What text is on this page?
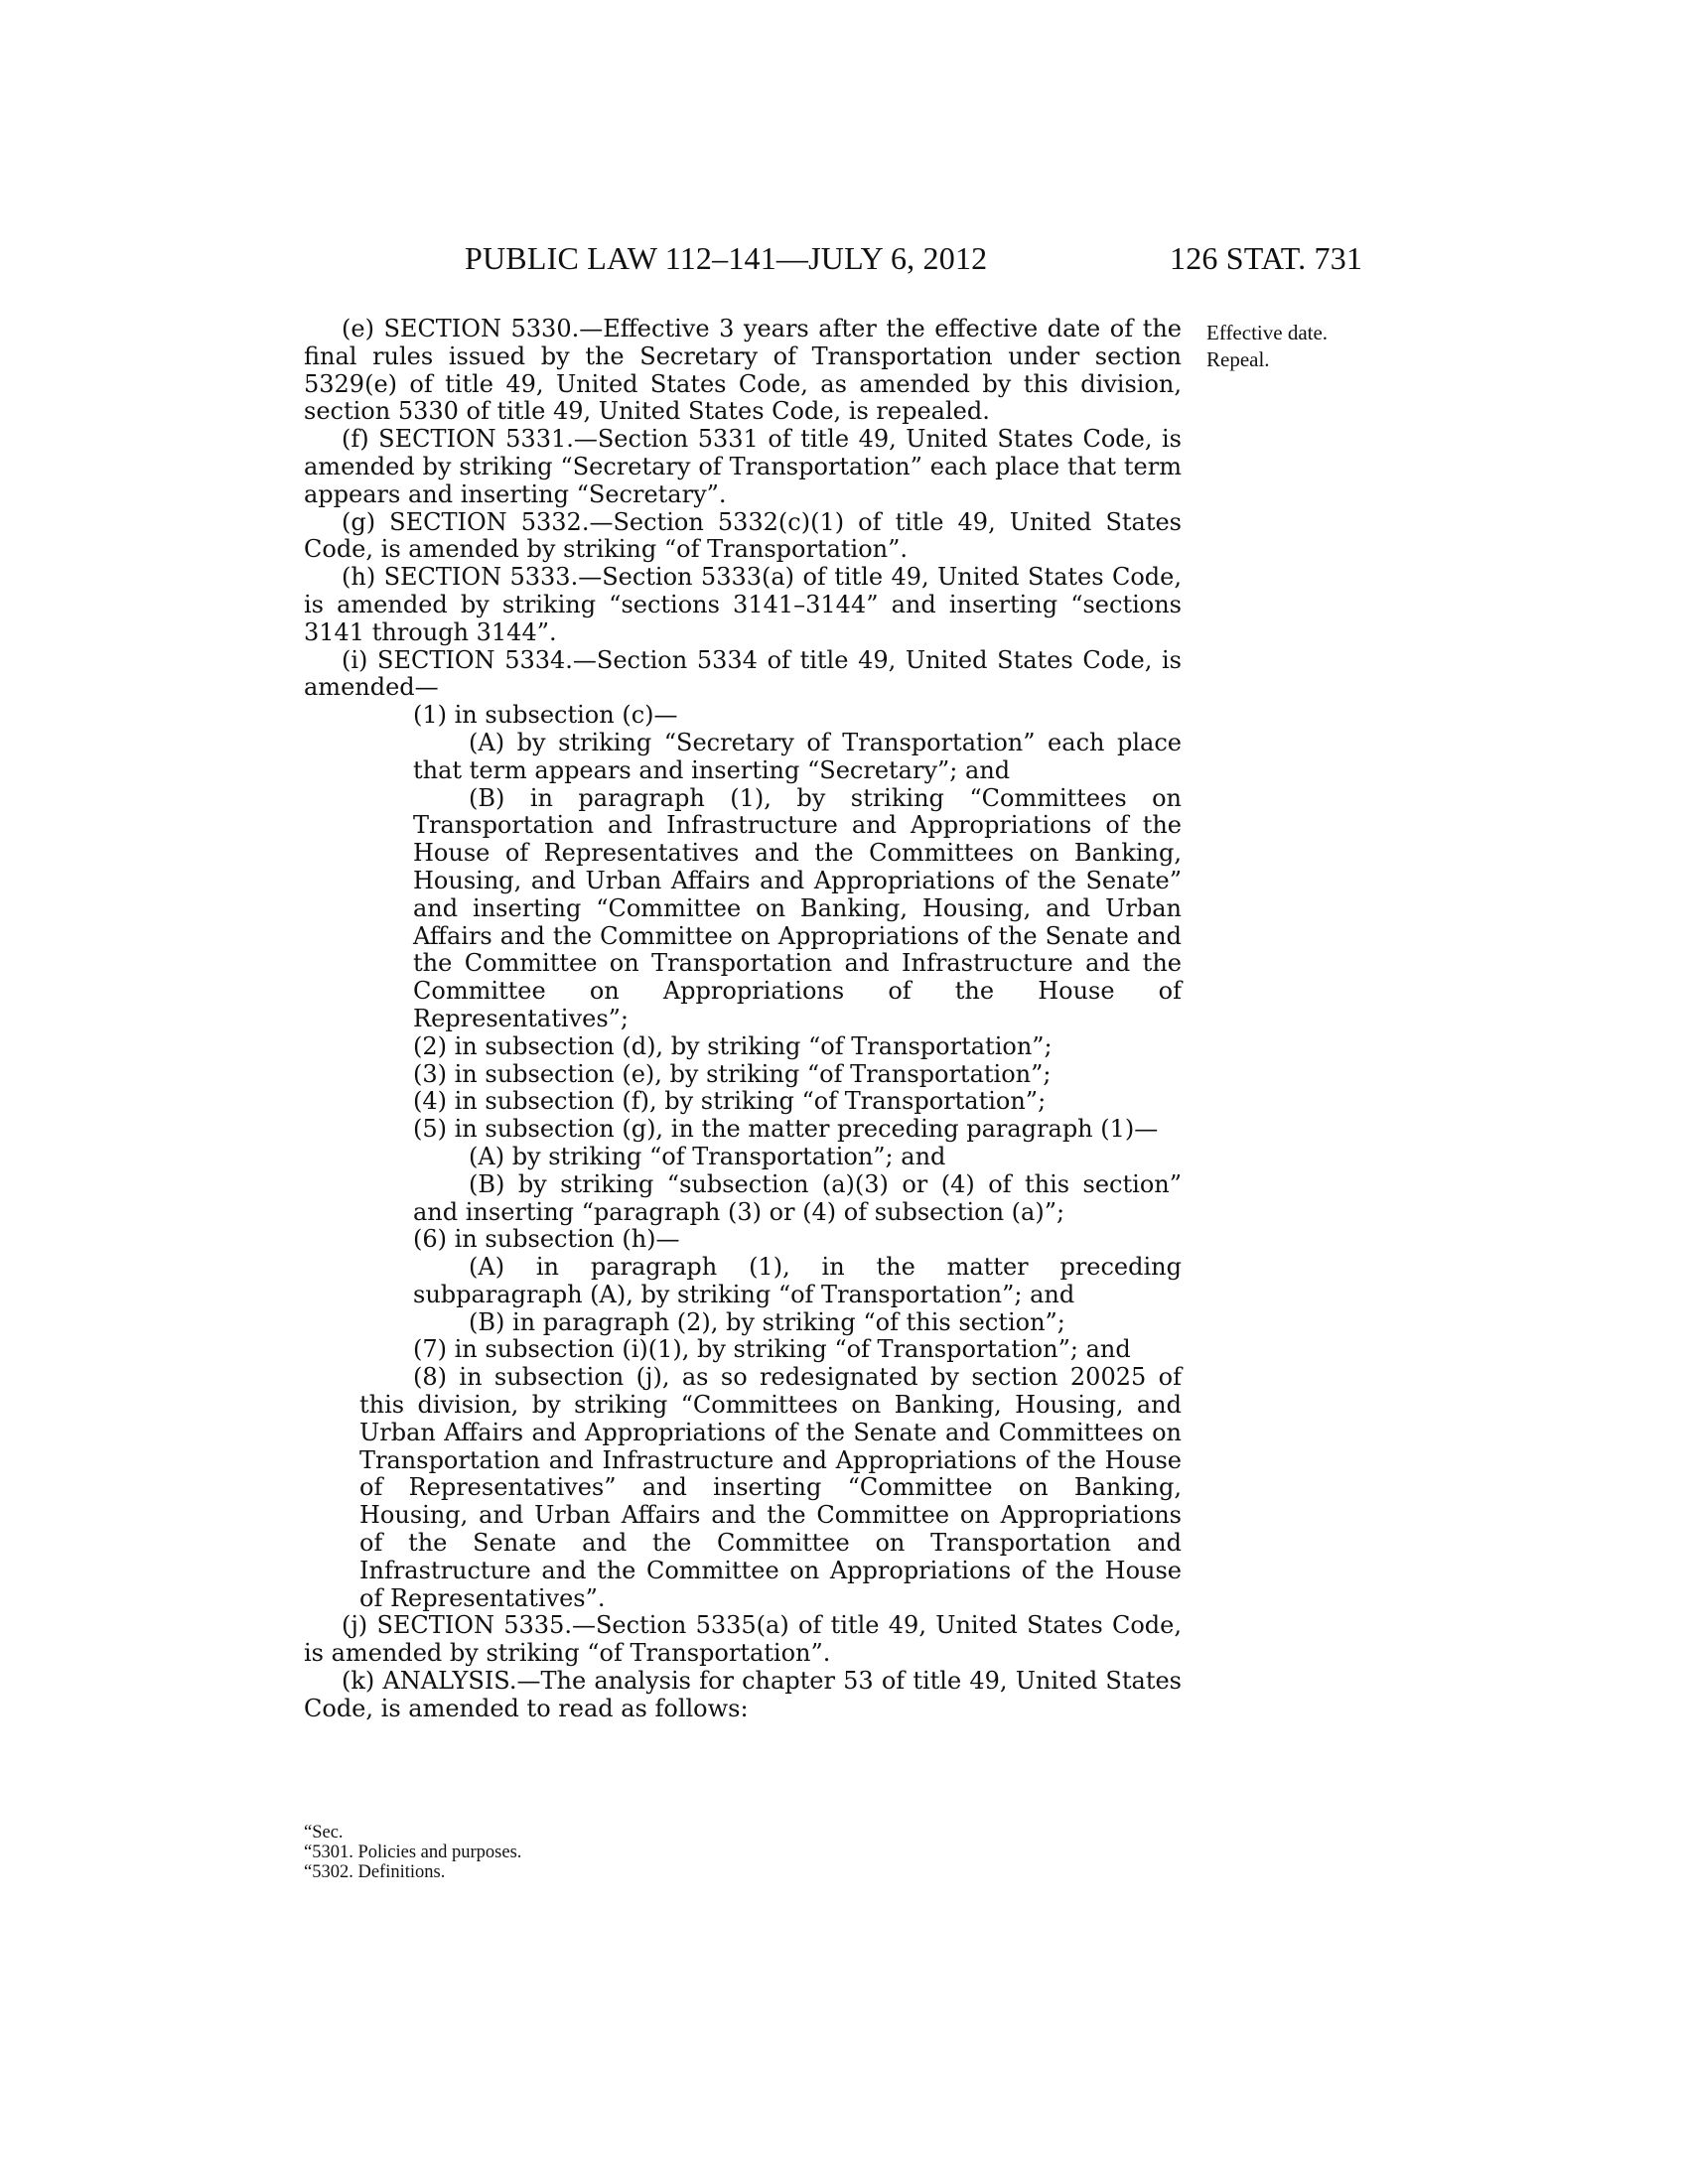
PUBLIC LAW 112–141—JULY 6, 2012	126 STAT. 731
Effective date.
Repeal.

(e) SECTION 5330.—Effective 3 years after the effective date of the final rules issued by the Secretary of Transportation under section 5329(e) of title 49, United States Code, as amended by this division, section 5330 of title 49, United States Code, is repealed.

(f) SECTION 5331.—Section 5331 of title 49, United States Code, is amended by striking “Secretary of Transportation” each place that term appears and inserting “Secretary”.

(g) SECTION 5332.—Section 5332(c)(1) of title 49, United States Code, is amended by striking “of Transportation”.

(h) SECTION 5333.—Section 5333(a) of title 49, United States Code, is amended by striking “sections 3141–3144” and inserting “sections 3141 through 3144”.

(i) SECTION 5334.—Section 5334 of title 49, United States Code, is amended—

(1) in subsection (c)—

(A) by striking “Secretary of Transportation” each place that term appears and inserting “Secretary”; and

(B) in paragraph (1), by striking “Committees on Transportation and Infrastructure and Appropriations of the House of Representatives and the Committees on Banking, Housing, and Urban Affairs and Appropriations of the Senate” and inserting “Committee on Banking, Housing, and Urban Affairs and the Committee on Appropriations of the Senate and the Committee on Transportation and Infrastructure and the Committee on Appropriations of the House of Representatives”;

(2) in subsection (d), by striking “of Transportation”;

(3) in subsection (e), by striking “of Transportation”;

(4) in subsection (f), by striking “of Transportation”;

(5) in subsection (g), in the matter preceding paragraph (1)—

(A) by striking “of Transportation”; and

(B) by striking “subsection (a)(3) or (4) of this section” and inserting “paragraph (3) or (4) of subsection (a)”;

(6) in subsection (h)—

(A) in paragraph (1), in the matter preceding subparagraph (A), by striking “of Transportation”; and

(B) in paragraph (2), by striking “of this section”;

(7) in subsection (i)(1), by striking “of Transportation”; and

(8) in subsection (j), as so redesignated by section 20025 of this division, by striking “Committees on Banking, Housing, and Urban Affairs and Appropriations of the Senate and Committees on Transportation and Infrastructure and Appropriations of the House of Representatives” and inserting “Committee on Banking, Housing, and Urban Affairs and the Committee on Appropriations of the Senate and the Committee on Transportation and Infrastructure and the Committee on Appropriations of the House of Representatives”.

(j) SECTION 5335.—Section 5335(a) of title 49, United States Code, is amended by striking “of Transportation”.

(k) ANALYSIS.—The analysis for chapter 53 of title 49, United States Code, is amended to read as follows:

“Sec.
“5301. Policies and purposes.
“5302. Definitions.
